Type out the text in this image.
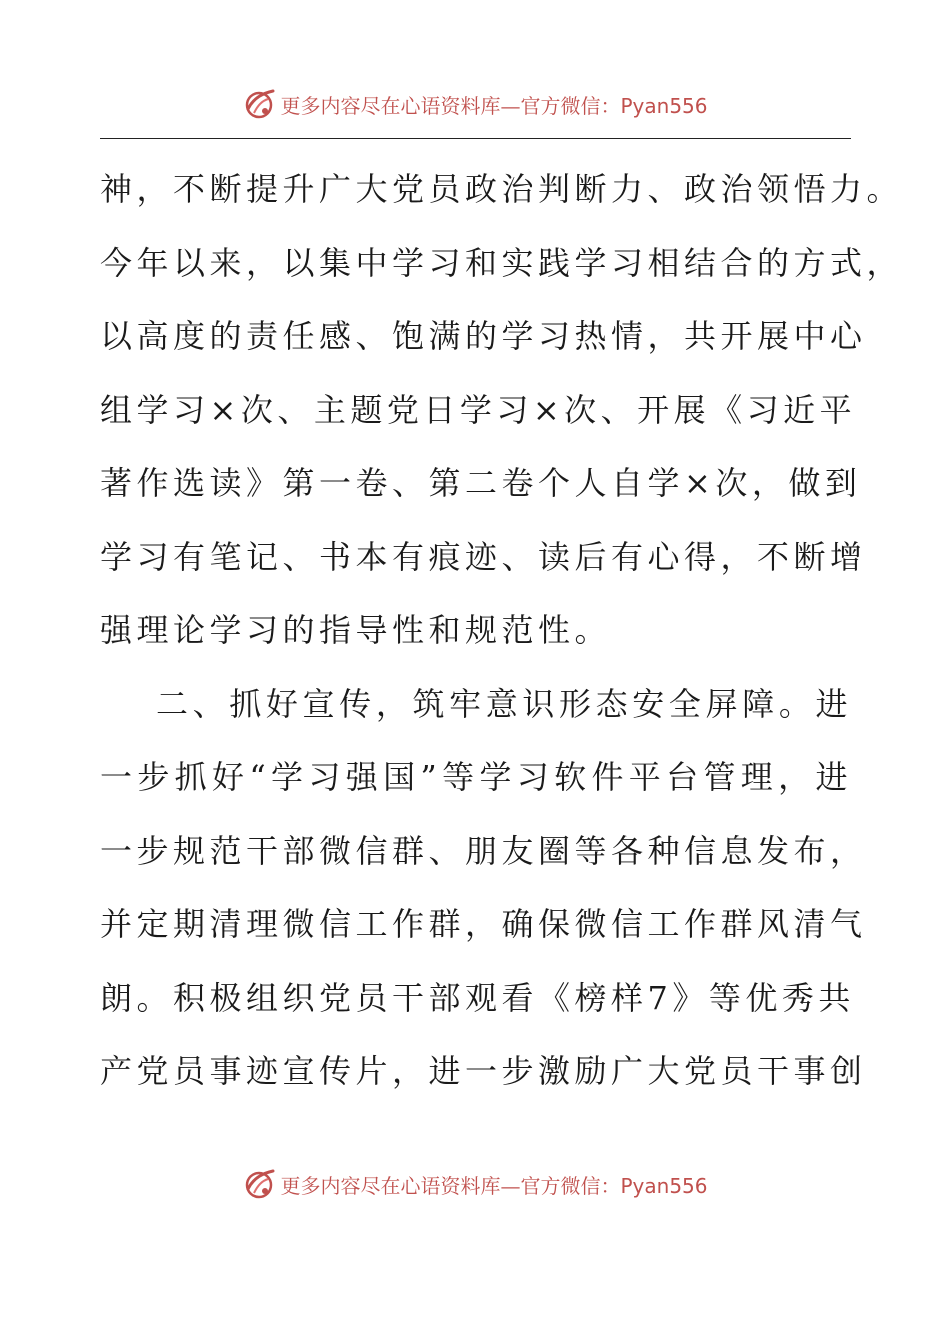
更多内容尽在心语资料库—官方微信：Pyan556
神，不断提升广大党员政治判断力、政治领悟力。
今年以来，以集中学习和实践学习相结合的方式，
以高度的责任感、饱满的学习热情，共开展中心
组学习×次、主题党日学习×次、开展《习近平
著作选读》第一卷、第二卷个人自学×次，做到
学习有笔记、书本有痕迹、读后有心得，不断增
强理论学习的指导性和规范性。
二、抓好宣传，筑牢意识形态安全屏障。进
一步抓好“学习强国”等学习软件平台管理，进
一步规范干部微信群、朋友圈等各种信息发布，
并定期清理微信工作群，确保微信工作群风清气
朗。积极组织党员干部观看《榜样7》等优秀共
产党员事迹宣传片，进一步激励广大党员干事创
更多内容尽在心语资料库—官方微信：Pyan556
